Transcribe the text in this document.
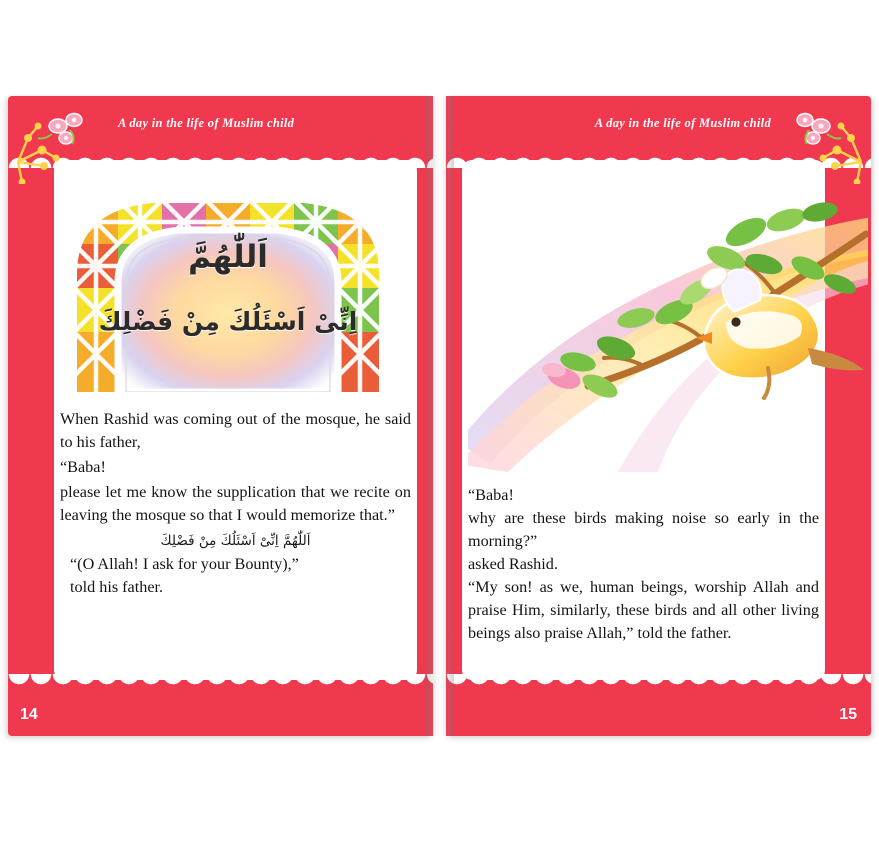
A day in the life of Muslim child
14
اَللّٰهُمَّ
اِنِّىْ اَسْئَلُكَ مِنْ فَضْلِكَ

When Rashid was coming out of the mosque, he said to his father,

“Baba!

please let me know the supplication that we recite on leaving the mosque so that I would memorize that.”

اَللّٰهُمَّ اِنِّىْ اَسْئَلُكَ مِنْ فَضْلِكَ

“(O Allah! I ask for your Bounty),”

told his father.

A day in the life of Muslim child
15

“Baba!

why are these birds making noise so early in the morning?”

asked Rashid.

“My son! as we, human beings, worship Allah and praise Him, similarly, these birds and all other living beings also praise Allah,” told the father.
